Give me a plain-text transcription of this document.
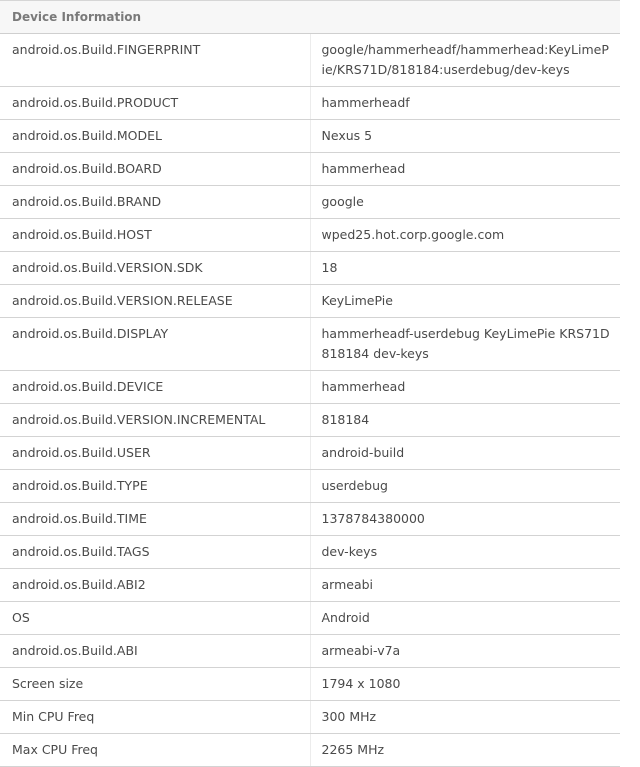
Device Information	
android.os.Build.FINGERPRINT	google/hammerheadf/hammerhead:KeyLimePie/KRS71D/818184:userdebug/dev-keys
android.os.Build.PRODUCT	hammerheadf
android.os.Build.MODEL	Nexus 5
android.os.Build.BOARD	hammerhead
android.os.Build.BRAND	google
android.os.Build.HOST	wped25.hot.corp.google.com
android.os.Build.VERSION.SDK	18
android.os.Build.VERSION.RELEASE	KeyLimePie
android.os.Build.DISPLAY	hammerheadf-userdebug KeyLimePie KRS71D 818184 dev-keys
android.os.Build.DEVICE	hammerhead
android.os.Build.VERSION.INCREMENTAL	818184
android.os.Build.USER	android-build
android.os.Build.TYPE	userdebug
android.os.Build.TIME	1378784380000
android.os.Build.TAGS	dev-keys
android.os.Build.ABI2	armeabi
OS	Android
android.os.Build.ABI	armeabi-v7a
Screen size	1794 x 1080
Min CPU Freq	300 MHz
Max CPU Freq	2265 MHz
